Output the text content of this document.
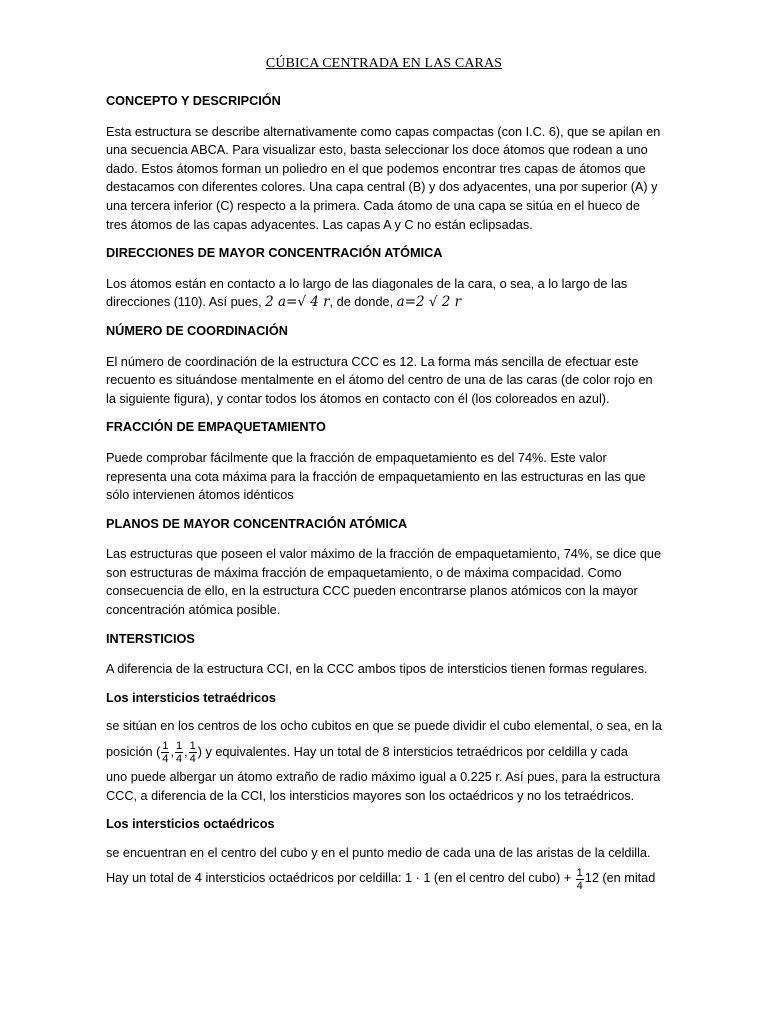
CÚBICA CENTRADA EN LAS CARAS
CONCEPTO Y DESCRIPCIÓN

Esta estructura se describe alternativamente como capas compactas (con I.C. 6), que se apilan en una secuencia ABCA. Para visualizar esto, basta seleccionar los doce átomos que rodean a uno dado. Estos átomos forman un poliedro en el que podemos encontrar tres capas de átomos que destacamos con diferentes colores. Una capa central (B) y dos adyacentes, una por superior (A) y una tercera inferior (C) respecto a la primera. Cada átomo de una capa se sitúa en el hueco de tres átomos de las capas adyacentes. Las capas A y C no están eclipsadas.

DIRECCIONES DE MAYOR CONCENTRACIÓN ATÓMICA

Los átomos están en contacto a lo largo de las diagonales de la cara, o sea, a lo largo de las direcciones (110). Así pues, 2 a=√ 4 r, de donde, a=2 √ 2 r

NÚMERO DE COORDINACIÓN

El número de coordinación de la estructura CCC es 12. La forma más sencilla de efectuar este recuento es situándose mentalmente en el átomo del centro de una de las caras (de color rojo en la siguiente figura), y contar todos los átomos en contacto con él (los coloreados en azul).

FRACCIÓN DE EMPAQUETAMIENTO

Puede comprobar fácilmente que la fracción de empaquetamiento es del 74%. Este valor representa una cota máxima para la fracción de empaquetamiento en las estructuras en las que sólo intervienen átomos idénticos

PLANOS DE MAYOR CONCENTRACIÓN ATÓMICA

Las estructuras que poseen el valor máximo de la fracción de empaquetamiento, 74%, se dice que son estructuras de máxima fracción de empaquetamiento, o de máxima compacidad. Como consecuencia de ello, en la estructura CCC pueden encontrarse planos atómicos con la mayor concentración atómica posible.

INTERSTICIOS

A diferencia de la estructura CCI, en la CCC ambos tipos de intersticios tienen formas regulares.

Los intersticios tetraédricos

se sitúan en los centros de los ocho cubitos en que se puede dividir el cubo elemental, o sea, en la
posición ( $\frac{1}{4}$ , $\frac{1}{4}$ , $\frac{1}{4}$ ) y equivalentes. Hay un total de 8 intersticios tetraédricos por celdilla y cada
uno puede albergar un átomo extraño de radio máximo igual a 0.225 r. Así pues, para la estructura CCC, a diferencia de la CCI, los intersticios mayores son los octaédricos y no los tetraédricos.

Los intersticios octaédricos

se encuentran en el centro del cubo y en el punto medio de cada una de las aristas de la celdilla.
Hay un total de 4 intersticios octaédricos por celdilla: 1 · 1 (en el centro del cubo) + $\frac{1}{4} 12$ (en mitad
